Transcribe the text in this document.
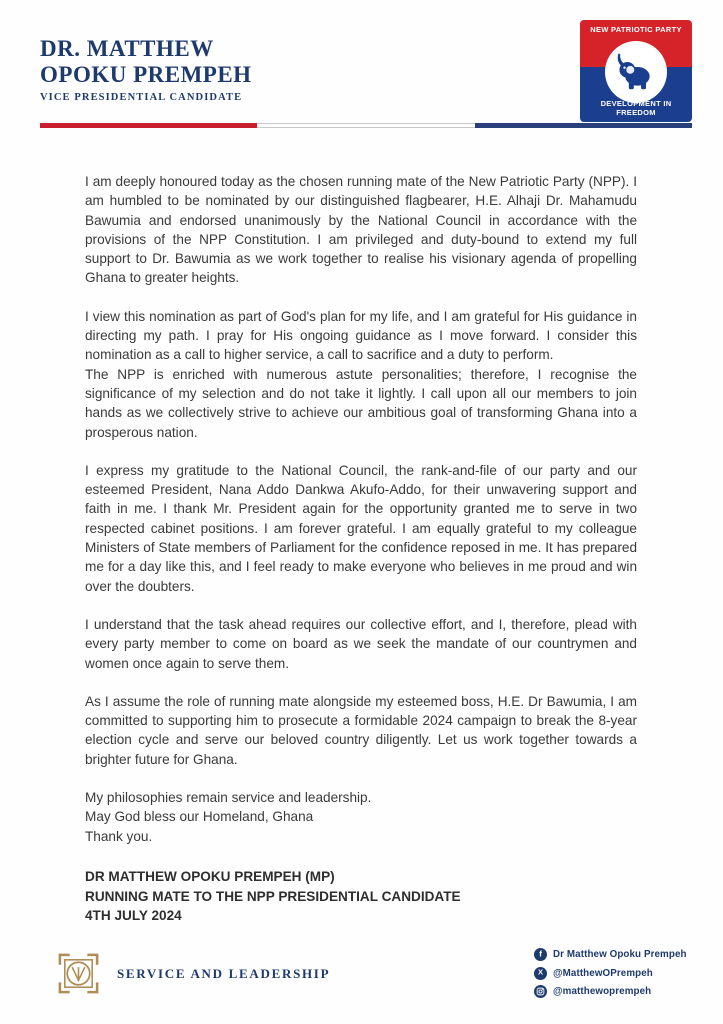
DR. MATTHEW
OPOKU PREMPEH
VICE PRESIDENTIAL CANDIDATE
NEW PATRIOTIC PARTY
DEVELOPMENT IN FREEDOM

I am deeply honoured today as the chosen running mate of the New Patriotic Party (NPP). I am humbled to be nominated by our distinguished flagbearer, H.E. Alhaji Dr. Mahamudu Bawumia and endorsed unanimously by the National Council in accordance with the provisions of the NPP Constitution. I am privileged and duty-bound to extend my full support to Dr. Bawumia as we work together to realise his visionary agenda of propelling Ghana to greater heights.

I view this nomination as part of God's plan for my life, and I am grateful for His guidance in directing my path. I pray for His ongoing guidance as I move forward. I consider this nomination as a call to higher service, a call to sacrifice and a duty to perform.

The NPP is enriched with numerous astute personalities; therefore, I recognise the significance of my selection and do not take it lightly. I call upon all our members to join hands as we collectively strive to achieve our ambitious goal of transforming Ghana into a prosperous nation.

I express my gratitude to the National Council, the rank-and-file of our party and our esteemed President, Nana Addo Dankwa Akufo-Addo, for their unwavering support and faith in me. I thank Mr. President again for the opportunity granted me to serve in two respected cabinet positions. I am forever grateful. I am equally grateful to my colleague Ministers of State members of Parliament for the confidence reposed in me. It has prepared me for a day like this, and I feel ready to make everyone who believes in me proud and win over the doubters.

I understand that the task ahead requires our collective effort, and I, therefore, plead with every party member to come on board as we seek the mandate of our countrymen and women once again to serve them.

As I assume the role of running mate alongside my esteemed boss, H.E. Dr Bawumia, I am committed to supporting him to prosecute a formidable 2024 campaign to break the 8-year election cycle and serve our beloved country diligently. Let us work together towards a brighter future for Ghana.

My philosophies remain service and leadership.
May God bless our Homeland, Ghana
Thank you.
DR MATTHEW OPOKU PREMPEH (MP)
RUNNING MATE TO THE NPP PRESIDENTIAL CANDIDATE
4TH JULY 2024
SERVICE AND LEADERSHIP
f Dr Matthew Opoku Prempeh
X @MatthewOPrempeh
@matthewoprempeh
